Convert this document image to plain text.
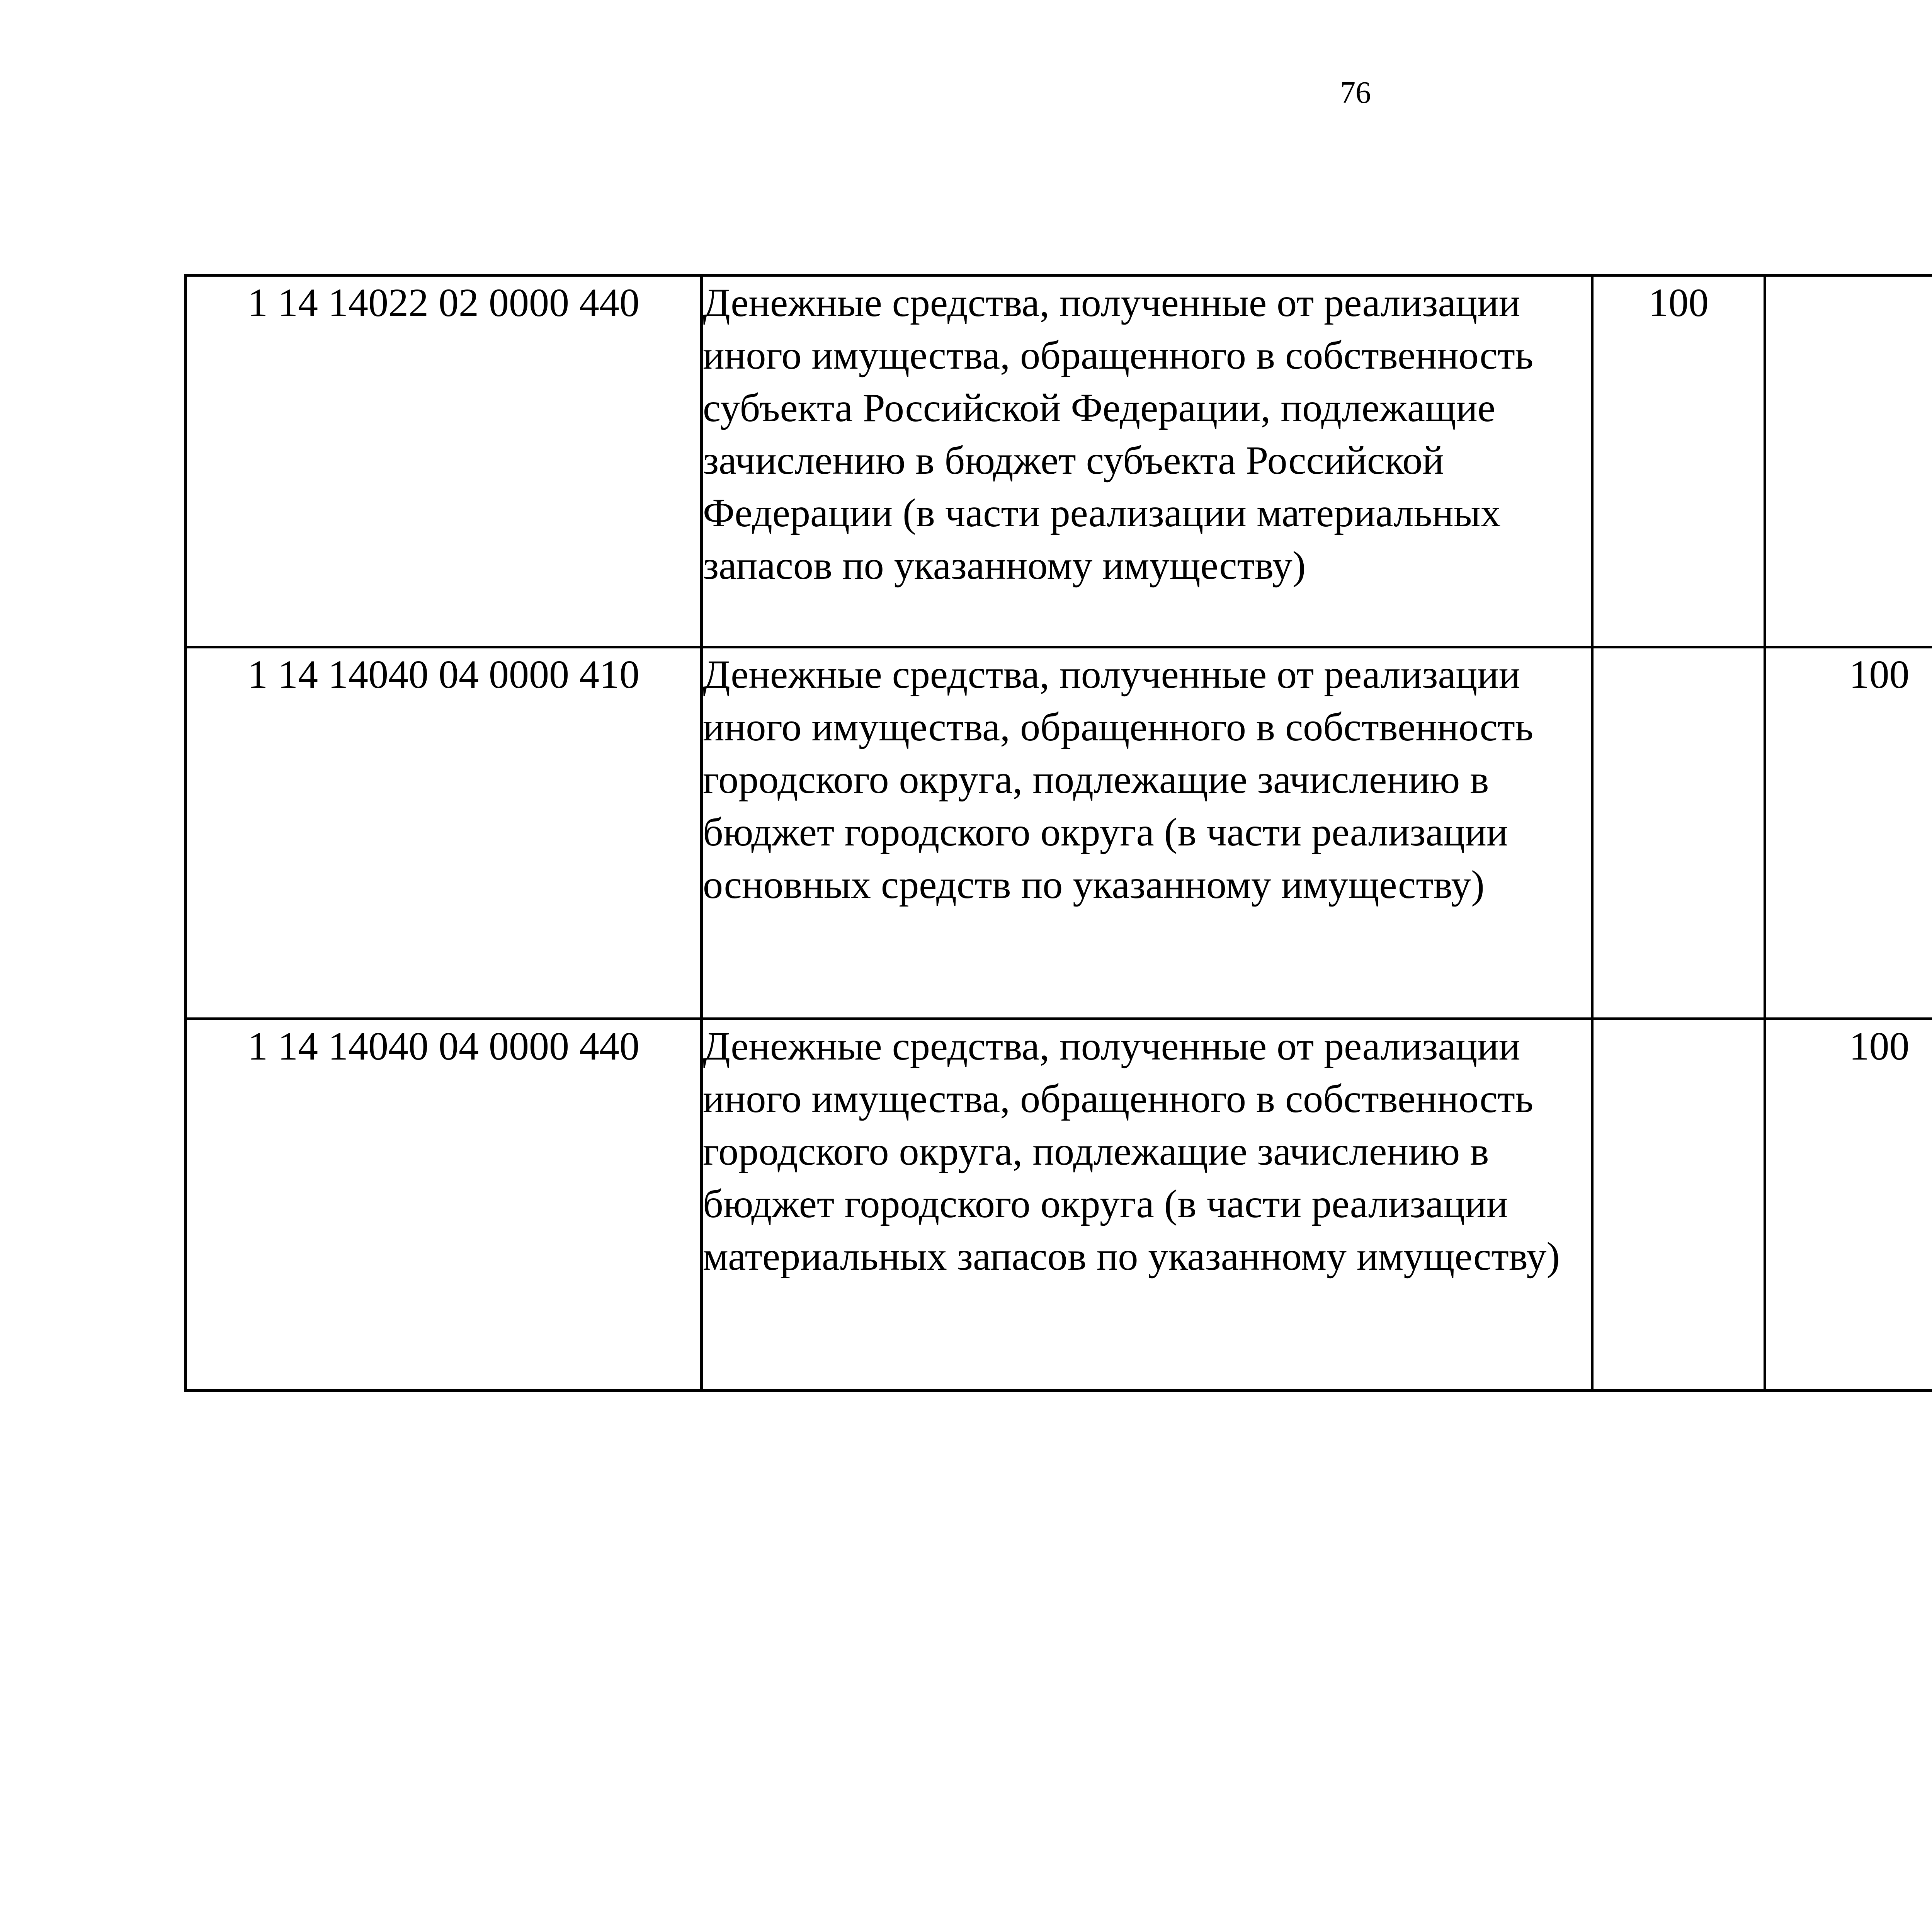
76
1 14 14022 02 0000 440	Денежные средства, полученные от реализации иного имущества, обращенного в собственность субъекта Российской Федерации, подлежащие зачислению в бюджет субъекта Российской Федерации (в части реализации материальных запасов по указанному имуществу)	100				
1 14 14040 04 0000 410	Денежные средства, полученные от реализации иного имущества, обращенного в собственность городского округа, подлежащие зачислению в бюджет городского округа (в части реализации основных средств по указанному имуществу)		100			
1 14 14040 04 0000 440	Денежные средства, полученные от реализации иного имущества, обращенного в собственность городского округа, подлежащие зачислению в бюджет городского округа (в части реализации материальных запасов по указанному имуществу)		100			
